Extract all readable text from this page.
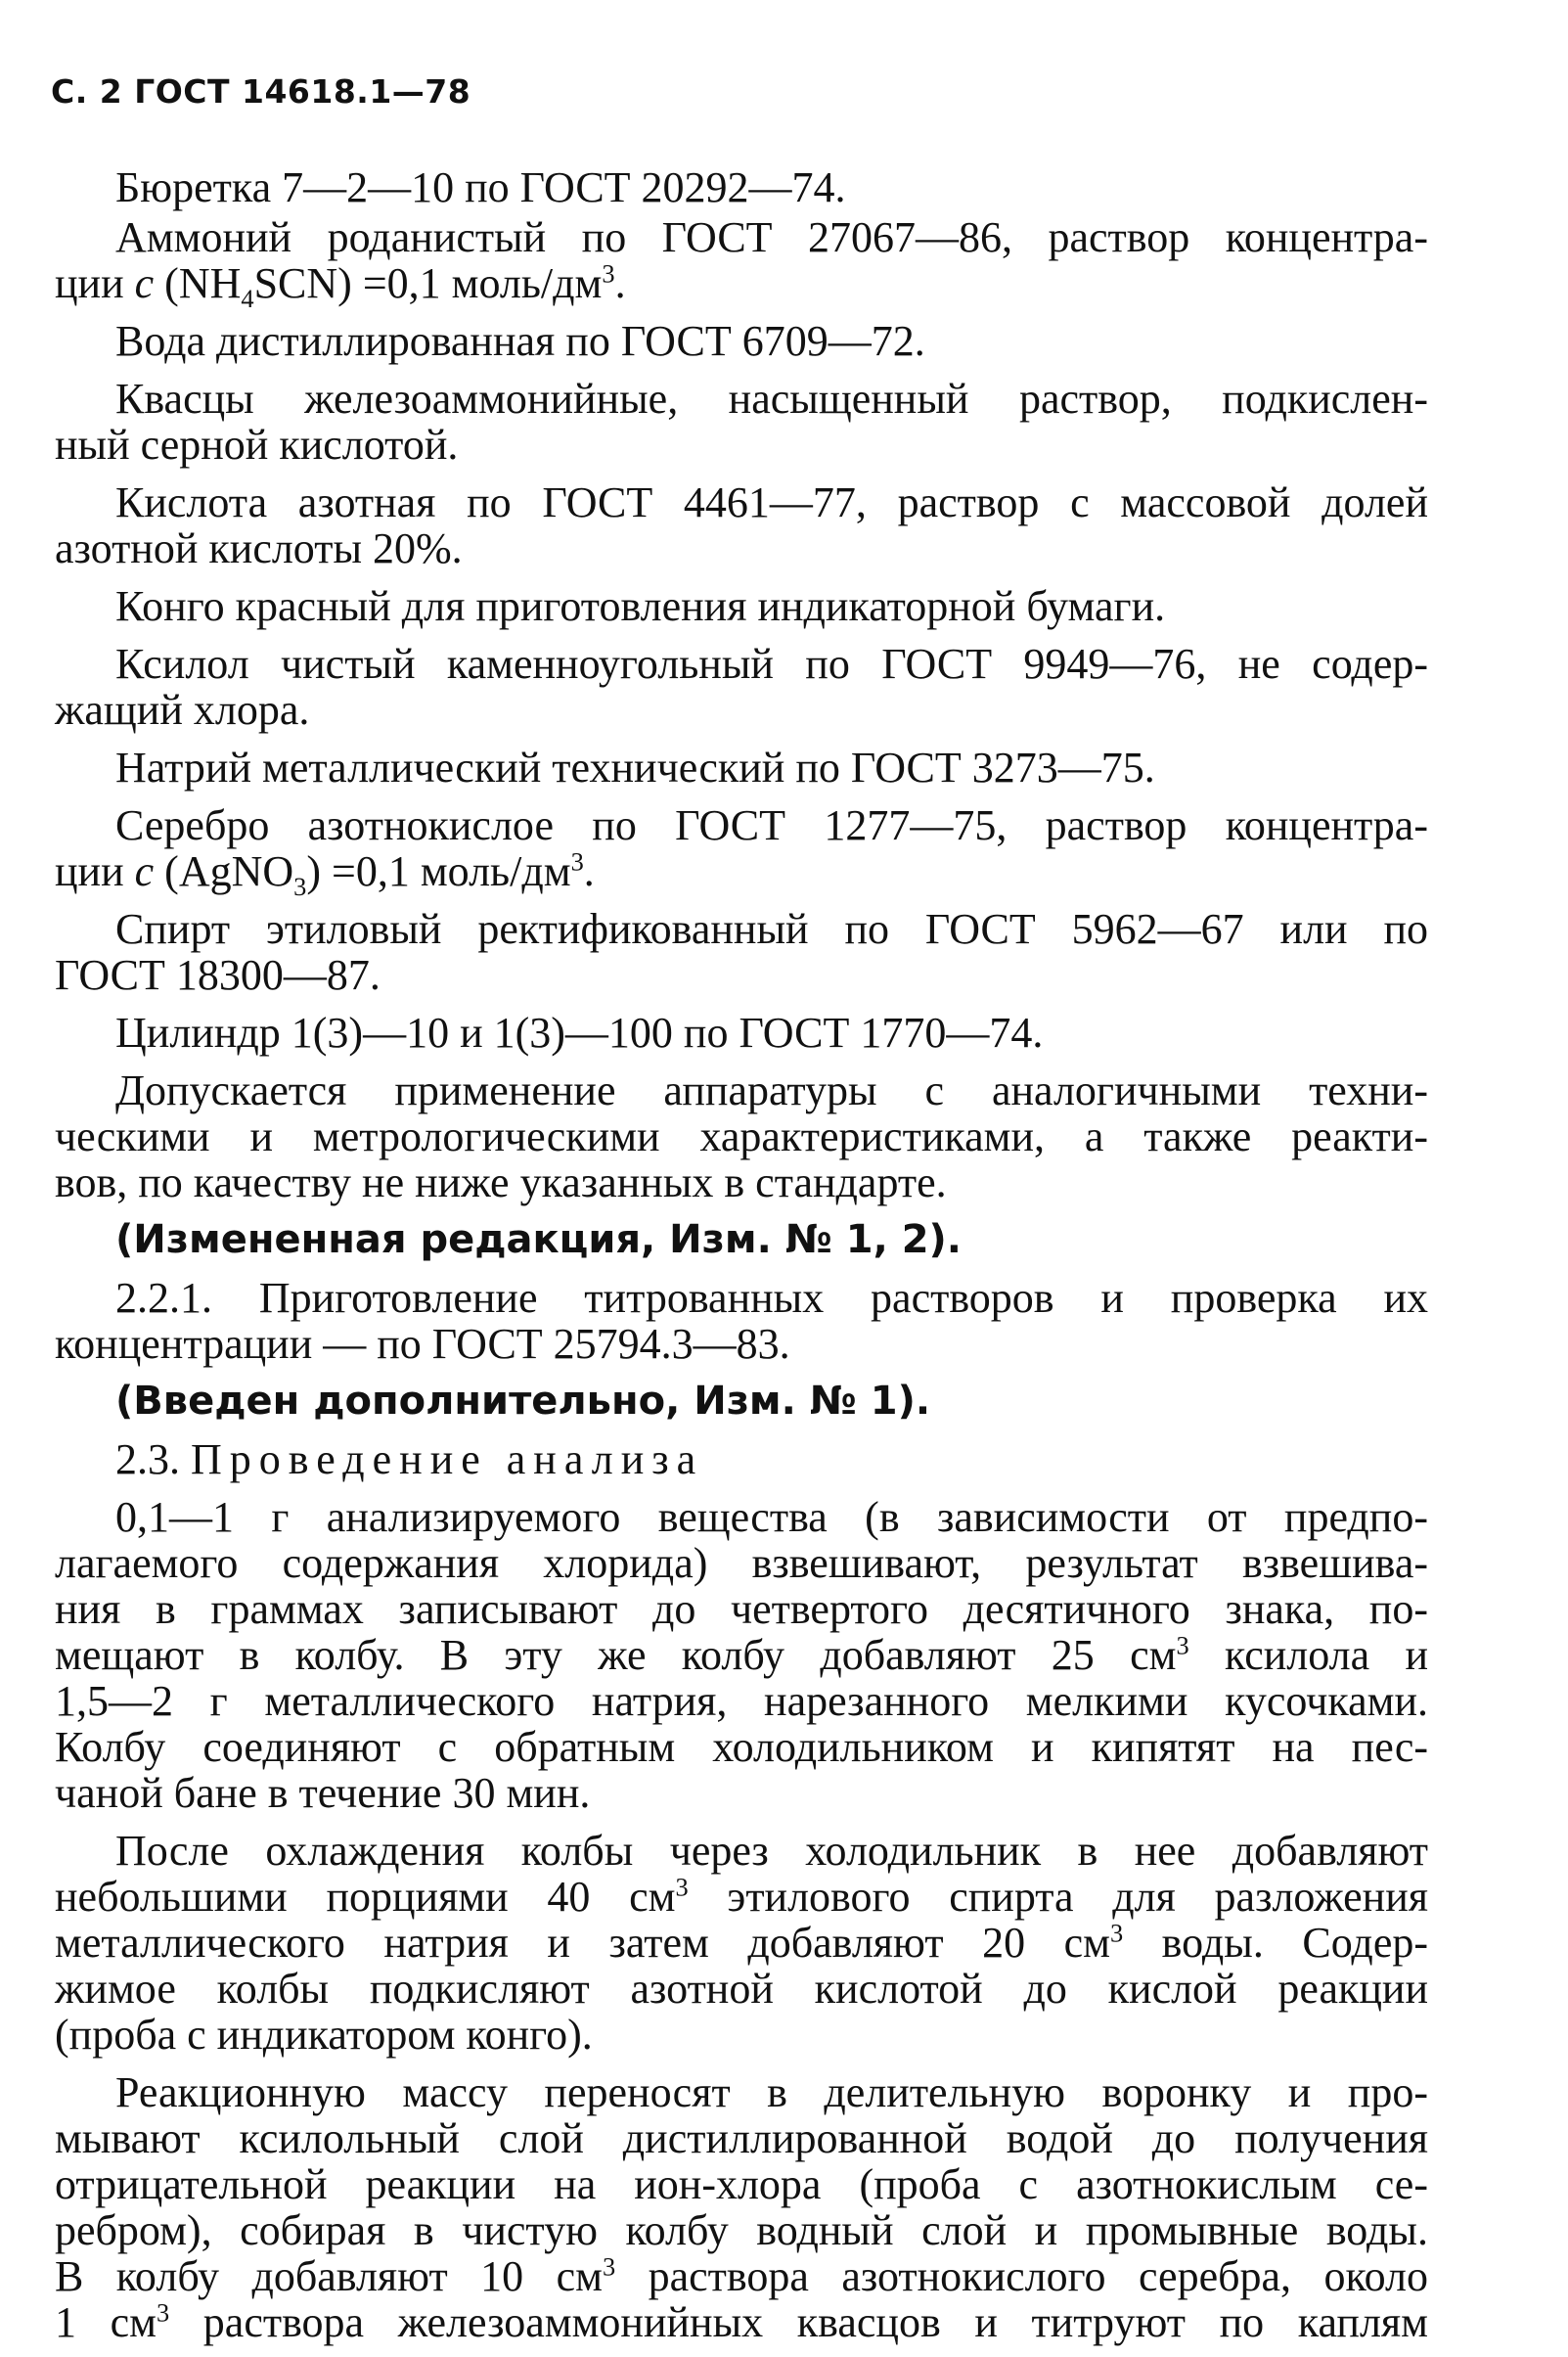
С. 2 ГОСТ 14618.1—78
Бюретка 7—2—10 по ГОСТ 20292—74.
Аммоний роданистый по ГОСТ 27067—86, раствор концентра-
ции с $(NH_4SCN) =0,1$ моль/$дм^3$.
Вода дистиллированная по ГОСТ 6709—72.
Квасцы железоаммонийные, насыщенный раствор, подкислен-
ный серной кислотой.
Кислота азотная по ГОСТ 4461—77, раствор с массовой долей
азотной кислоты 20%.
Конго красный для приготовления индикаторной бумаги.
Ксилол чистый каменноугольный по ГОСТ 9949—76, не содер-
жащий хлора.
Натрий металлический технический по ГОСТ 3273—75.
Серебро азотнокислое по ГОСТ 1277—75, раствор концентра-
ции с (AgNO$_3$) =0,1 моль/$дм^3$.
Спирт этиловый ректификованный по ГОСТ 5962—67 или по
ГОСТ 18300—87.
Цилиндр 1(3)—10 и 1(3)—100 по ГОСТ 1770—74.
Допускается применение аппаратуры с аналогичными техни-
ческими и метрологическими характеристиками, а также реакти-
вов, по качеству не ниже указанных в стандарте.
(Измененная редакция, Изм. № 1, 2).
2.2.1. Приготовление титрованных растворов и проверка их
концентрации — по ГОСТ 25794.3—83.
(Введен дополнительно, Изм. № 1).
2.3. Проведение анализа
0,1—1 г анализируемого вещества (в зависимости от предпо-
лагаемого содержания хлорида) взвешивают, результат взвешива-
ния в граммах записывают до четвертого десятичного знака, по-
мещают в колбу. В эту же колбу добавляют 25 $см^3$ ксилола и
1,5—2 г металлического натрия, нарезанного мелкими кусочками.
Колбу соединяют с обратным холодильником и кипятят на пес-
чаной бане в течение 30 мин.
После охлаждения колбы через холодильник в нее добавляют
небольшими порциями 40 $см^3$ этилового спирта для разложения
металлического натрия и затем добавляют 20 $см^3$ воды. Содер-
жимое колбы подкисляют азотной кислотой до кислой реакции
(проба с индикатором конго).
Реакционную массу переносят в делительную воронку и про-
мывают ксилольный слой дистиллированной водой до получения
отрицательной реакции на ион-хлора (проба с азотнокислым се-
ребром), собирая в чистую колбу водный слой и промывные воды.
В колбу добавляют 10 $см^3$ раствора азотнокислого серебра, около
1 $см^3$ раствора железоаммонийных квасцов и титруют по каплям
